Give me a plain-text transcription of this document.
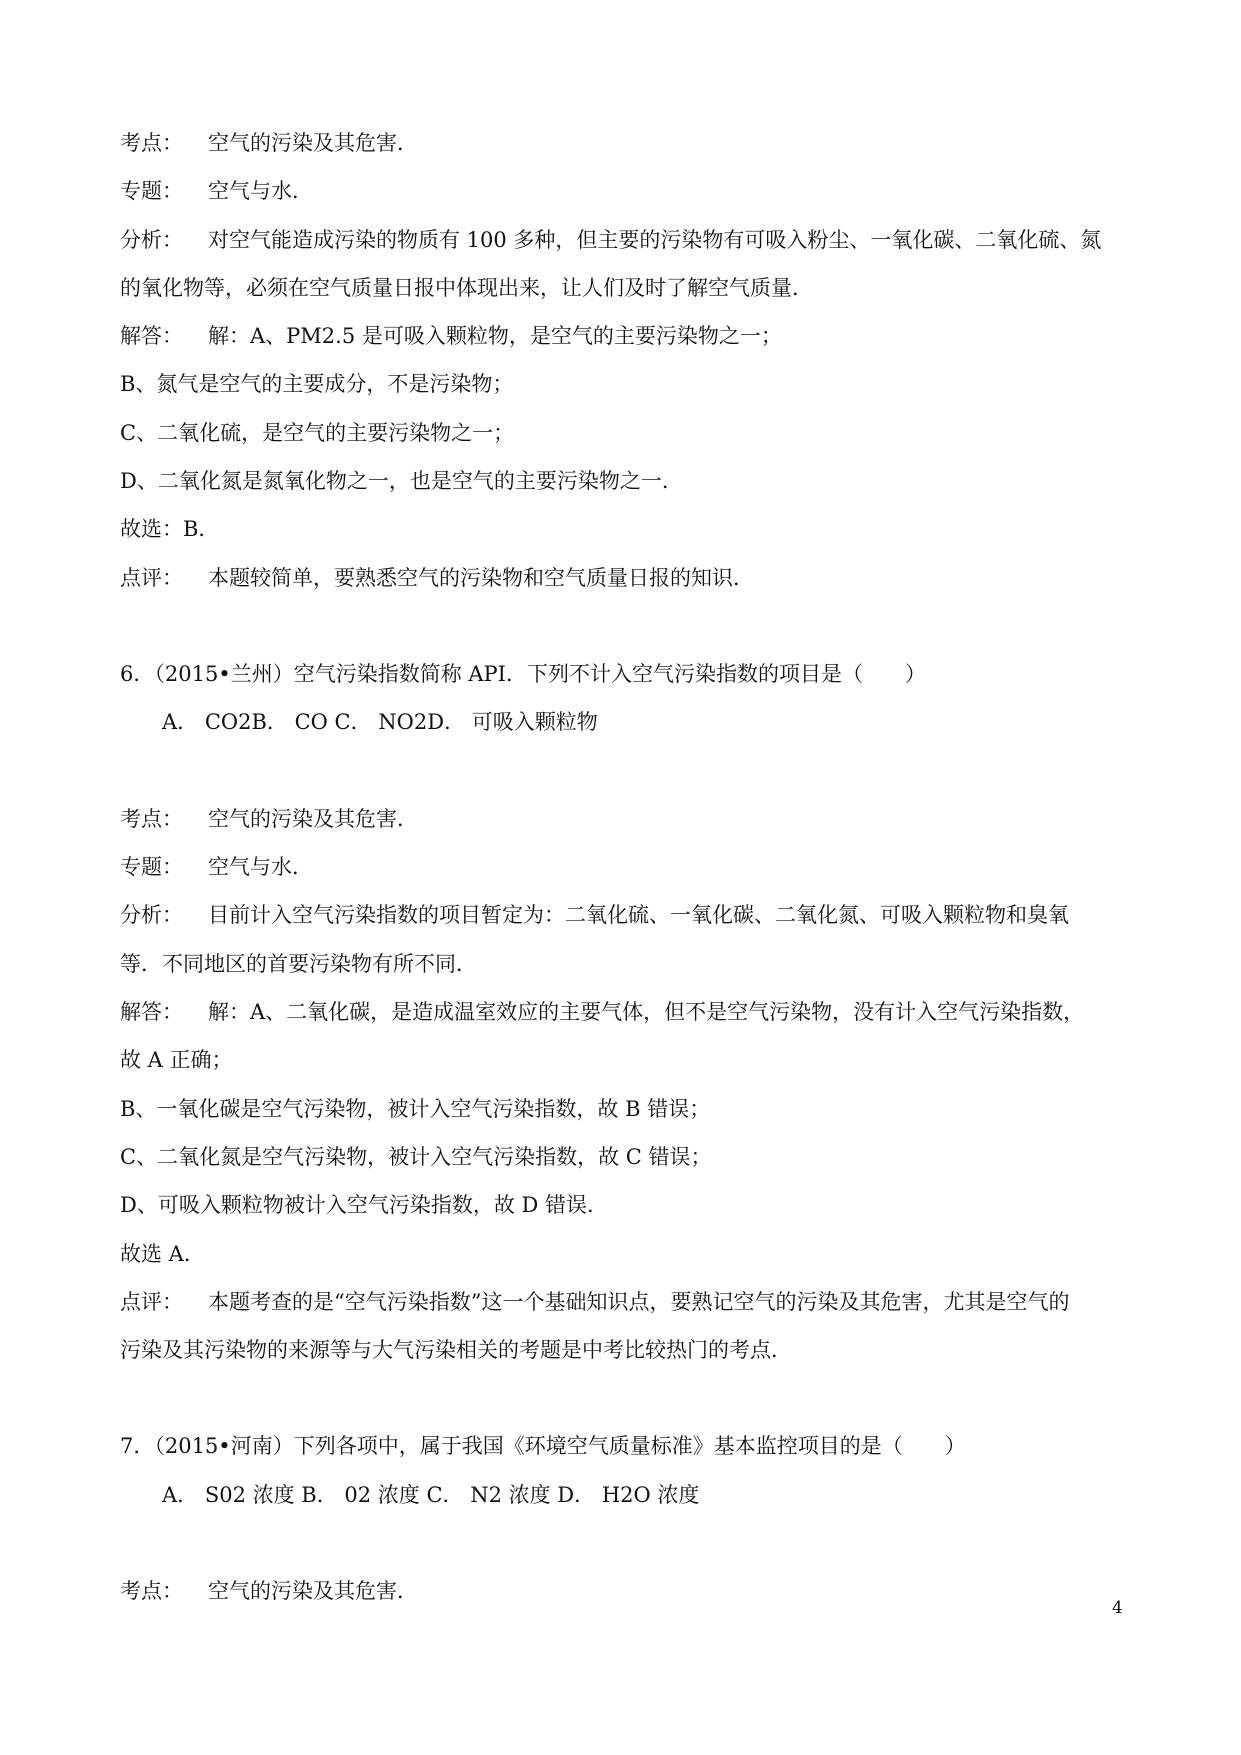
考点： 空气的污染及其危害．
专题： 空气与水．
分析： 对空气能造成污染的物质有 100 多种，但主要的污染物有可吸入粉尘、一氧化碳、二氧化硫、氮
的氧化物等，必须在空气质量日报中体现出来，让人们及时了解空气质量．
解答： 解：A、PM2.5 是可吸入颗粒物，是空气的主要污染物之一；
B、氮气是空气的主要成分，不是污染物；
C、二氧化硫，是空气的主要污染物之一；
D、二氧化氮是氮氧化物之一，也是空气的主要污染物之一．
故选：B．
点评： 本题较简单，要熟悉空气的污染物和空气质量日报的知识．
6．（2015•兰州）空气污染指数简称 API．下列不计入空气污染指数的项目是（　　）
A． CO2B． CO C． NO2D． 可吸入颗粒物
考点： 空气的污染及其危害．
专题： 空气与水．
分析： 目前计入空气污染指数的项目暂定为：二氧化硫、一氧化碳、二氧化氮、可吸入颗粒物和臭氧
等．不同地区的首要污染物有所不同．
解答： 解：A、二氧化碳，是造成温室效应的主要气体，但不是空气污染物，没有计入空气污染指数，
故 A 正确；
B、一氧化碳是空气污染物，被计入空气污染指数，故 B 错误；
C、二氧化氮是空气污染物，被计入空气污染指数，故 C 错误；
D、可吸入颗粒物被计入空气污染指数，故 D 错误．
故选 A．
点评： 本题考查的是“空气污染指数”这一个基础知识点，要熟记空气的污染及其危害，尤其是空气的
污染及其污染物的来源等与大气污染相关的考题是中考比较热门的考点．
7．（2015•河南）下列各项中，属于我国《环境空气质量标准》基本监控项目的是（　　）
A． S02 浓度 B． 02 浓度 C． N2 浓度 D． H2O 浓度
考点： 空气的污染及其危害．
4
